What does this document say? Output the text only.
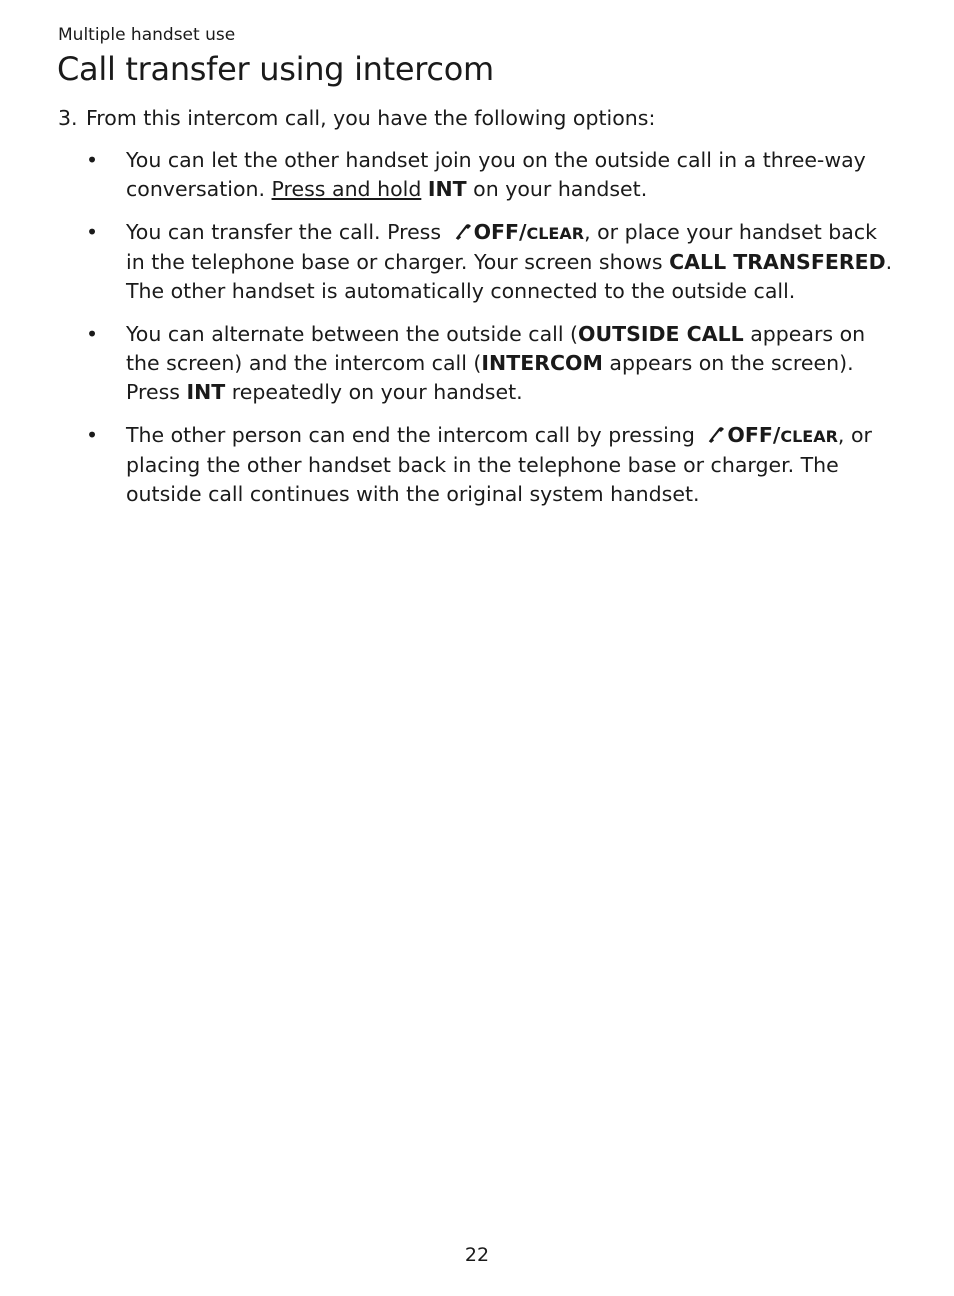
Multiple handset use
Call transfer using intercom
3. From this intercom call, you have the following options:
• You can let the other handset join you on the outside call in a three-way conversation. Press and hold INT on your handset.
• You can transfer the call. Press OFF/CLEAR, or place your handset back in the telephone base or charger. Your screen shows CALL TRANSFERED. The other handset is automatically connected to the outside call.
• You can alternate between the outside call (OUTSIDE CALL appears on the screen) and the intercom call (INTERCOM appears on the screen). Press INT repeatedly on your handset.
• The other person can end the intercom call by pressing OFF/CLEAR, or placing the other handset back in the telephone base or charger. The outside call continues with the original system handset.
22
